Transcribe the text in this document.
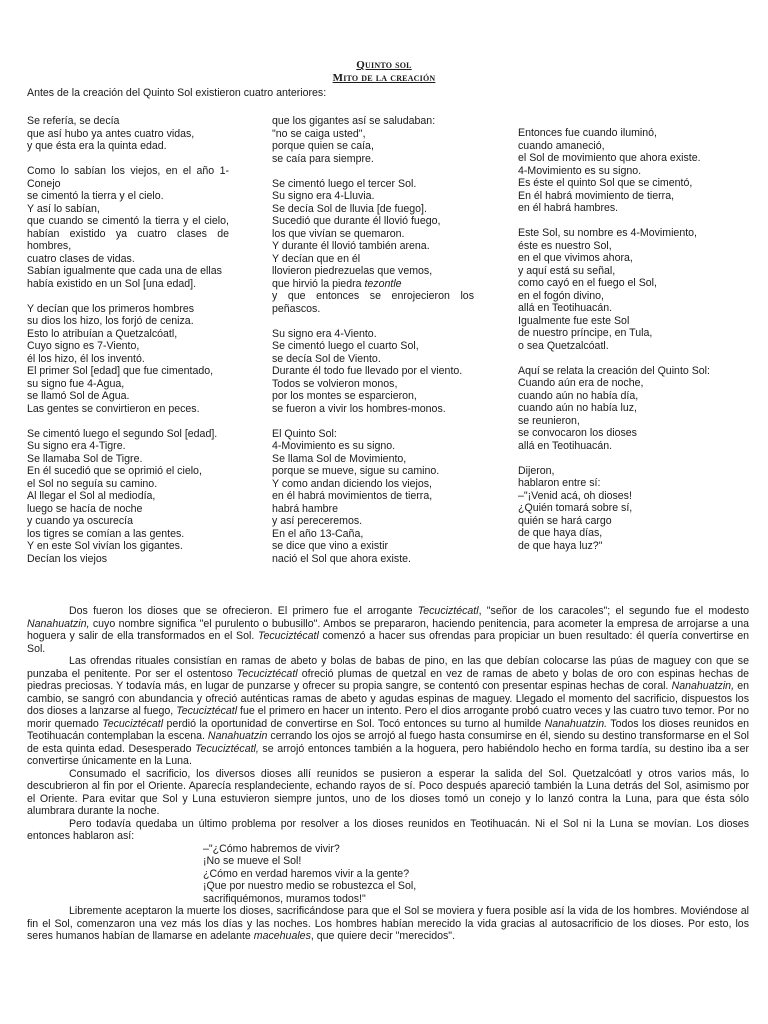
Quinto sol
Mito de la creación
Antes de la creación del Quinto Sol existieron cuatro anteriores:

Se refería, se decía
que así hubo ya antes cuatro vidas,
y que ésta era la quinta edad.

Como lo sabían los viejos, en el año 1-Conejo
se cimentó la tierra y el cielo.
Y así lo sabían,
que cuando se cimentó la tierra y el cielo, habían existido ya cuatro clases de hombres,
cuatro clases de vidas.
Sabían igualmente que cada una de ellas
había existido en un Sol [una edad].

Y decían que los primeros hombres
su dios los hizo, los forjó de ceniza.
Esto lo atribuían a Quetzalcóatl,
Cuyo signo es 7-Viento,
él los hizo, él los inventó.
El primer Sol [edad] que fue cimentado,
su signo fue 4-Agua,
se llamó Sol de Agua.
Las gentes se convirtieron en peces.

Se cimentó luego el segundo Sol [edad].
Su signo era 4-Tigre.
Se llamaba Sol de Tigre.
En él sucedió que se oprimió el cielo,
el Sol no seguía su camino.
Al llegar el Sol al mediodía,
luego se hacía de noche
y cuando ya oscurecía
los tigres se comían a las gentes.
Y en este Sol vivían los gigantes.
Decían los viejos

que los gigantes así se saludaban:
"no se caiga usted",
porque quien se caía,
se caía para siempre.

Se cimentó luego el tercer Sol.
Su signo era 4-Lluvia.
Se decía Sol de lluvia [de fuego].
Sucedió que durante él llovió fuego,
los que vivían se quemaron.
Y durante él llovió también arena.
Y decían que en él
llovieron piedrezuelas que vemos,
que hirvió la piedra tezontle
y que entonces se enrojecieron los peñascos.

Su signo era 4-Viento.
Se cimentó luego el cuarto Sol,
se decía Sol de Viento.
Durante él todo fue llevado por el viento.
Todos se volvieron monos,
por los montes se esparcieron,
se fueron a vivir los hombres-monos.

El Quinto Sol:
4-Movimiento es su signo.
Se llama Sol de Movimiento,
porque se mueve, sigue su camino.
Y como andan diciendo los viejos,
en él habrá movimientos de tierra,
habrá hambre
y así pereceremos.
En el año 13-Caña,
se dice que vino a existir
nació el Sol que ahora existe.

Entonces fue cuando iluminó,
cuando amaneció,
el Sol de movimiento que ahora existe.
4-Movimiento es su signo.
Es éste el quinto Sol que se cimentó,
En él habrá movimiento de tierra,
en él habrá hambres.

Este Sol, su nombre es 4-Movimiento,
éste es nuestro Sol,
en el que vivimos ahora,
y aquí está su señal,
como cayó en el fuego el Sol,
en el fogón divino,
allá en Teotihuacán.
Igualmente fue este Sol
de nuestro príncipe, en Tula,
o sea Quetzalcóatl.

Aquí se relata la creación del Quinto Sol:
Cuando aún era de noche,
cuando aún no había día,
cuando aún no había luz,
se reunieron,
se convocaron los dioses
allá en Teotihuacán.

Dijeron,
hablaron entre sí:
–"¡Venid acá, oh dioses!
¿Quién tomará sobre sí,
quién se hará cargo
de que haya días,
de que haya luz?"

Dos fueron los dioses que se ofrecieron. El primero fue el arrogante Tecuciztécatl, "señor de los caracoles"; el segundo fue el modesto Nanahuatzin, cuyo nombre significa "el purulento o bubusillo". Ambos se prepararon, haciendo penitencia, para acometer la empresa de arrojarse a una hoguera y salir de ella transformados en el Sol. Tecuciztécatl comenzó a hacer sus ofrendas para propiciar un buen resultado: él quería convertirse en Sol.

Las ofrendas rituales consistían en ramas de abeto y bolas de babas de pino, en las que debían colocarse las púas de maguey con que se punzaba el penitente. Por ser el ostentoso Tecuciztécatl ofreció plumas de quetzal en vez de ramas de abeto y bolas de oro con espinas hechas de piedras preciosas. Y todavía más, en lugar de punzarse y ofrecer su propia sangre, se contentó con presentar espinas hechas de coral. Nanahuatzin, en cambio, se sangró con abundancia y ofreció auténticas ramas de abeto y agudas espinas de maguey. Llegado el momento del sacrificio, dispuestos los dos dioses a lanzarse al fuego, Tecuciztécatl fue el primero en hacer un intento. Pero el dios arrogante probó cuatro veces y las cuatro tuvo temor. Por no morir quemado Tecuciztécatl perdió la oportunidad de convertirse en Sol. Tocó entonces su turno al humilde Nanahuatzin. Todos los dioses reunidos en Teotihuacán contemplaban la escena. Nanahuatzin cerrando los ojos se arrojó al fuego hasta consumirse en él, siendo su destino transformarse en el Sol de esta quinta edad. Desesperado Tecuciztécatl, se arrojó entonces también a la hoguera, pero habiéndolo hecho en forma tardía, su destino iba a ser convertirse únicamente en la Luna.

Consumado el sacrificio, los diversos dioses allí reunidos se pusieron a esperar la salida del Sol. Quetzalcóatl y otros varios más, lo descubrieron al fin por el Oriente. Aparecía resplandeciente, echando rayos de sí. Poco después apareció también la Luna detrás del Sol, asimismo por el Oriente. Para evitar que Sol y Luna estuvieron siempre juntos, uno de los dioses tomó un conejo y lo lanzó contra la Luna, para que ésta sólo alumbrara durante la noche.

Pero todavía quedaba un último problema por resolver a los dioses reunidos en Teotihuacán. Ni el Sol ni la Luna se movían. Los dioses entonces hablaron así:

–"¿Cómo habremos de vivir?
¡No se mueve el Sol!
¿Cómo en verdad haremos vivir a la gente?
¡Que por nuestro medio se robustezca el Sol,
sacrifiquémonos, muramos todos!"

Libremente aceptaron la muerte los dioses, sacrificándose para que el Sol se moviera y fuera posible así la vida de los hombres. Moviéndose al fin el Sol, comenzaron una vez más los días y las noches. Los hombres habían merecido la vida gracias al autosacrificio de los dioses. Por esto, los seres humanos habían de llamarse en adelante macehuales, que quiere decir "merecidos".
